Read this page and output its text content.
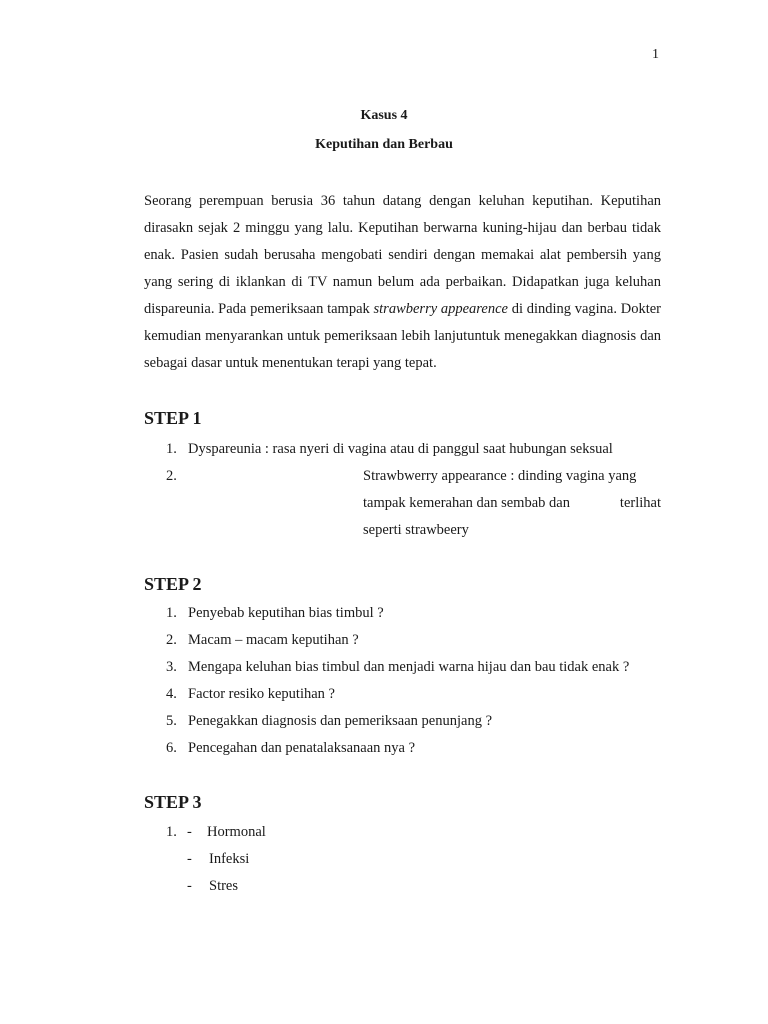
1
Kasus 4
Keputihan dan Berbau

Seorang perempuan berusia 36 tahun datang dengan keluhan keputihan. Keputihan dirasakn sejak 2 minggu yang lalu. Keputihan berwarna kuning-hijau dan berbau tidak enak. Pasien sudah berusaha mengobati sendiri dengan memakai alat pembersih yang yang sering di iklankan di TV namun belum ada perbaikan. Didapatkan juga keluhan dispareunia. Pada pemeriksaan tampak strawberry appearence di dinding vagina. Dokter kemudian menyarankan untuk pemeriksaan lebih lanjutuntuk menegakkan diagnosis dan sebagai dasar untuk menentukan terapi yang tepat.

STEP 1
1. Dyspareunia : rasa nyeri di vagina atau di panggul saat hubungan seksual
2.	Strawbwerry appearance : dinding vagina yang
tampak kemerahan dan sembab dan	terlihat
seperti strawbeery
STEP 2
1. Penyebab keputihan bias timbul ?
2. Macam – macam keputihan ?
3. Mengapa keluhan bias timbul dan menjadi warna hijau dan bau tidak enak ?
4. Factor resiko keputihan ?
5. Penegakkan diagnosis dan pemeriksaan penunjang ?
6. Pencegahan dan penatalaksanaan nya ?
STEP 3
1. - Hormonal
- Infeksi
- Stres
